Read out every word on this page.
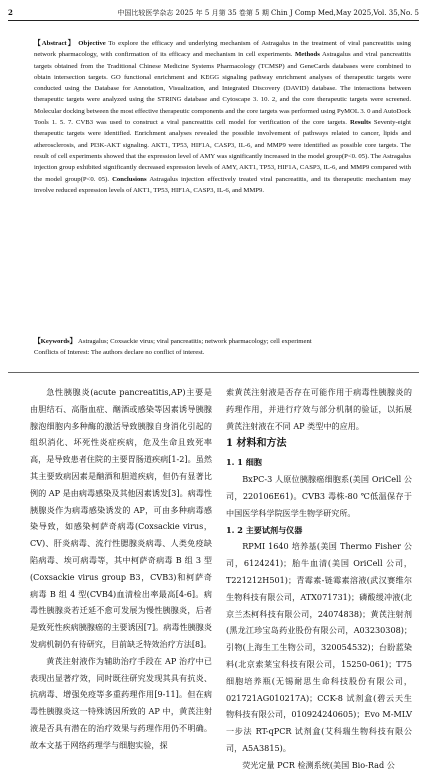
2	中国比较医学杂志 2025 年 5 月第 35 卷第 5 期 Chin J Comp Med,May 2025,Vol. 35,No. 5

【Abstract】 Objective To explore the efficacy and underlying mechanism of Astragalus in the treatment of viral pancreatitis using network pharmacology, with confirmation of its efficacy and mechanism in cell experiments. Methods Astragalus and viral pancreatitis targets obtained from the Traditional Chinese Medicine Systems Pharmacology (TCMSP) and GeneCards databases were combined to obtain intersection targets. GO functional enrichment and KEGG signaling pathway enrichment analyses of therapeutic targets were conducted using the Database for Annotation, Visualization, and Integrated Discovery (DAVID) database. The interactions between therapeutic targets were analyzed using the STRING database and Cytoscape 3. 10. 2, and the core therapeutic targets were screened. Molecular docking between the most effective therapeutic components and the core targets was performed using PyMOL 3. 0 and AutoDock Tools 1. 5. 7. CVB3 was used to construct a viral pancreatitis cell model for verification of the core targets. Results Seventy-eight therapeutic targets were identified. Enrichment analyses revealed the possible involvement of pathways related to cancer, lipids and atherosclerosis, and PI3K-AKT signaling. AKT1, TP53, HIF1A, CASP3, IL-6, and MMP9 were identified as possible core targets. The result of cell experiments showed that the expression level of AMY was significantly increased in the model group(P<0. 05). The Astragalus injection group exhibited significantly decreased expression levels of AMY, AKT1, TP53, HIF1A, CASP3, IL-6, and MMP9 compared with the model group(P<0. 05). Conclusions Astragalus injection effectively treated viral pancreatitis, and its therapeutic mechanism may involve reduced expression levels of AKT1, TP53, HIF1A, CASP3, IL-6, and MMP9.

【Keywords】 Astragalus; Coxsackie virus; viral pancreatitis; network pharmacology; cell experiment

Conflicts of Interest: The authors declare no conflict of interest.

急性胰腺炎(acute pancreatitis,AP)主要是由胆结石、高脂血症、酗酒或感染等因素诱导胰腺腺泡细胞内多种酶的激活导致胰腺自身消化引起的组织消化、坏死性炎症疾病，危及生命且致死率高，是导致患者住院的主要胃肠道疾病[1-2]。虽然其主要致病因素是酗酒和胆道疾病，但仍有显著比例的 AP 是由病毒感染及其他因素诱发[3]。病毒性胰腺炎作为病毒感染诱发的 AP，可由多种病毒感染导致，如感染柯萨奇病毒(Coxsackie virus，CV)、肝炎病毒、流行性腮腺炎病毒、人类免疫缺陷病毒、埃可病毒等，其中柯萨奇病毒 B 组 3 型(Coxsackie virus group B3，CVB3)和柯萨奇病毒 B 组 4 型(CVB4)血清检出率最高[4-6]。病毒性胰腺炎若迁延不愈可发展为慢性胰腺炎，后者是致死性疾病胰腺癌的主要诱因[7]。病毒性胰腺炎发病机制仍有待研究，目前缺乏特效治疗方法[8]。

黄芪注射液作为辅助治疗手段在 AP 治疗中已表现出显著疗效，同时既往研究发现其具有抗炎、抗病毒、增强免疫等多重药理作用[9-11]。但在病毒性胰腺炎这一特殊诱因所致的 AP 中，黄芪注射液是否具有潜在的治疗效果与药理作用仍不明确。故本文基于网络药理学与细胞实验，探

索黄芪注射液是否存在可能作用于病毒性胰腺炎的药理作用，并进行疗效与部分机制的验证，以拓展黄芪注射液在不同 AP 类型中的应用。

1 材料和方法

1. 1 细胞

BxPC-3 人原位胰腺癌细胞系(美国 OriCell 公司，220106E61)。CVB3 毒株-80 ℃低温保存于中国医学科学院医学生物学研究所。

1. 2 主要试剂与仪器

RPMI 1640 培养基(美国 Thermo Fisher 公司，6124241)；胎牛血清(美国 OriCell 公司，T221212H501)；青霉素-链霉素溶液(武汉赛维尔生物科技有限公司，ATX071731)；磷酸缓冲液(北京兰杰柯科技有限公司，24074838)；黄芪注射剂(黑龙江珍宝岛药业股份有限公司，A03230308)；引物(上海生工生物公司，320054532)；台盼蓝染料(北京索莱宝科技有限公司，15250-061)；T75 细胞培养瓶(无锡耐思生命科技股份有限公司，021721AG010217A)；CCK-8 试剂盒(碧云天生物科技有限公司，010924240605)；Evo M-MLV 一步法 RT-qPCR 试剂盒(艾科瑞生物科技有限公司，A5A3815)。

荧光定量 PCR 检测系统(美国 Bio-Rad 公
